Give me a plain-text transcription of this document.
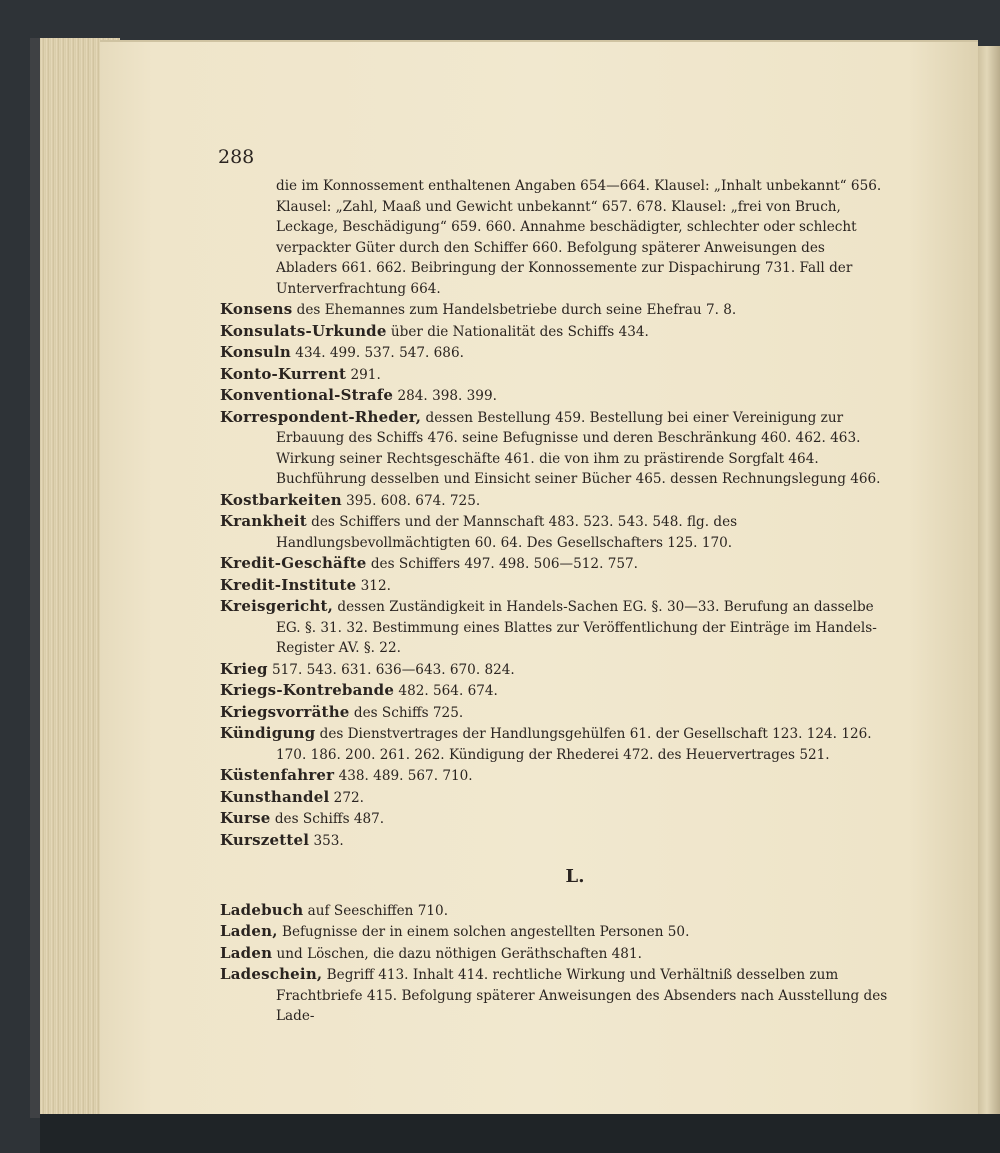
288

die im Konnossement enthaltenen Angaben 654—664. Klausel: „Inhalt unbekannt“ 656. Klausel: „Zahl, Maaß und Gewicht unbekannt“ 657. 678. Klausel: „frei von Bruch, Leckage, Beschädigung“ 659. 660. Annahme beschädigter, schlechter oder schlecht verpackter Güter durch den Schiffer 660. Befolgung späterer Anweisungen des Abladers 661. 662. Beibringung der Konnossemente zur Dispachirung 731. Fall der Unterverfrachtung 664.

Konsens des Ehemannes zum Handelsbetriebe durch seine Ehefrau 7. 8.

Konsulats-Urkunde über die Nationalität des Schiffs 434.

Konsuln 434. 499. 537. 547. 686.

Konto-Kurrent 291.

Konventional-Strafe 284. 398. 399.

Korrespondent-Rheder, dessen Bestellung 459. Bestellung bei einer Vereinigung zur Erbauung des Schiffs 476. seine Befugnisse und deren Beschränkung 460. 462. 463. Wirkung seiner Rechtsgeschäfte 461. die von ihm zu prästirende Sorgfalt 464. Buchführung desselben und Einsicht seiner Bücher 465. dessen Rechnungslegung 466.

Kostbarkeiten 395. 608. 674. 725.

Krankheit des Schiffers und der Mannschaft 483. 523. 543. 548. flg. des Handlungsbevollmächtigten 60. 64. Des Gesellschafters 125. 170.

Kredit-Geschäfte des Schiffers 497. 498. 506—512. 757.

Kredit-Institute 312.

Kreisgericht, dessen Zuständigkeit in Handels-Sachen EG. §. 30—33. Berufung an dasselbe EG. §. 31. 32. Bestimmung eines Blattes zur Veröffentlichung der Einträge im Handels-Register AV. §. 22.

Krieg 517. 543. 631. 636—643. 670. 824.

Kriegs-Kontrebande 482. 564. 674.

Kriegsvorräthe des Schiffs 725.

Kündigung des Dienstvertrages der Handlungsgehülfen 61. der Gesellschaft 123. 124. 126. 170. 186. 200. 261. 262. Kündigung der Rhederei 472. des Heuervertrages 521.

Küstenfahrer 438. 489. 567. 710.

Kunsthandel 272.

Kurse des Schiffs 487.

Kurszettel 353.

L.

Ladebuch auf Seeschiffen 710.

Laden, Befugnisse der in einem solchen angestellten Personen 50.

Laden und Löschen, die dazu nöthigen Geräthschaften 481.

Ladeschein, Begriff 413. Inhalt 414. rechtliche Wirkung und Verhältniß desselben zum Frachtbriefe 415. Befolgung späterer Anweisungen des Absenders nach Ausstellung des Lade-
